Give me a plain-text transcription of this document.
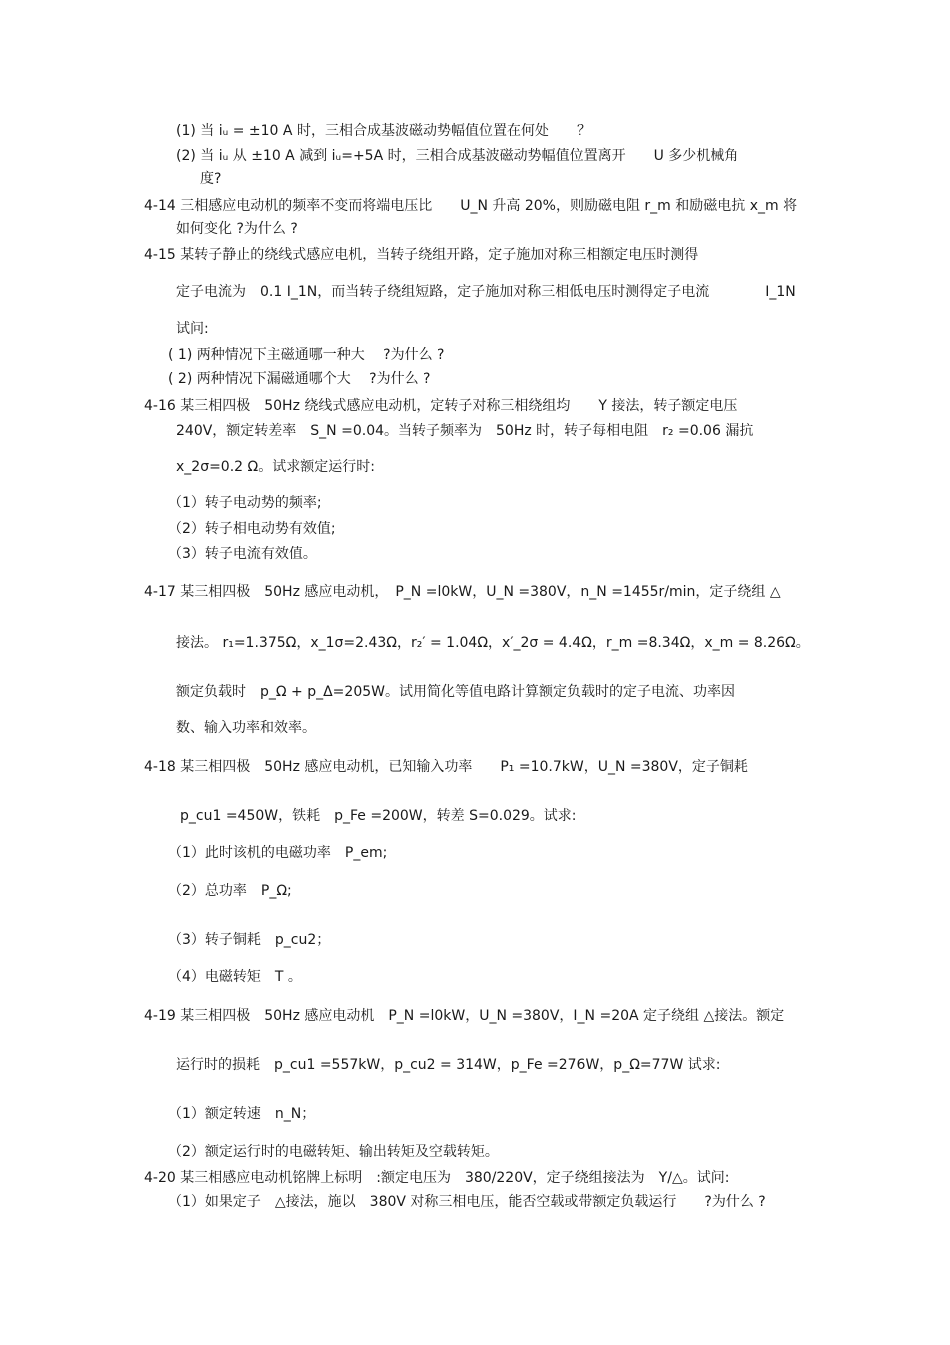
(1) 当 iᵤ = ±10 A 时，三相合成基波磁动势幅值位置在何处　　？
(2) 当 iᵤ 从 ±10 A 减到 iᵤ=+5A 时，三相合成基波磁动势幅值位置离开　　U 多少机械角
度?
4-14 三相感应电动机的频率不变而将端电压比　　U_N 升高 20%，则励磁电阻 r_m 和励磁电抗 x_m 将
如何变化 ?为什么 ?
4-15 某转子静止的绕线式感应电机，当转子绕组开路，定子施加对称三相额定电压时测得
定子电流为　0.1 I_1N，而当转子绕组短路，定子施加对称三相低电压时测得定子电流　　　　I_1N
试问:
( 1) 两种情况下主磁通哪一种大　 ?为什么 ?
( 2) 两种情况下漏磁通哪个大　 ?为什么 ?
4-16 某三相四极　50Hz 绕线式感应电动机，定转子对称三相绕组均　　Y 接法，转子额定电压
240V，额定转差率　S_N =0.04。当转子频率为　50Hz 时，转子每相电阻　r₂ =0.06 漏抗
x_2σ=0.2 Ω。试求额定运行时:
（1）转子电动势的频率;
（2）转子相电动势有效值;
（3）转子电流有效值。
4-17 某三相四极　50Hz 感应电动机，　P_N =l0kW，U_N =380V，n_N =1455r/min，定子绕组 △
接法。 r₁=1.375Ω，x_1σ=2.43Ω，r₂′ = 1.04Ω，x′_2σ = 4.4Ω，r_m =8.34Ω，x_m = 8.26Ω。
额定负载时　p_Ω + p_Δ=205W。试用简化等值电路计算额定负载时的定子电流、功率因
数、输入功率和效率。
4-18 某三相四极　50Hz 感应电动机，已知输入功率　　P₁ =10.7kW，U_N =380V，定子铜耗
p_cu1 =450W，铁耗　p_Fe =200W，转差 S=0.029。试求:
（1）此时该机的电磁功率　P_em;
（2）总功率　P_Ω;
（3）转子铜耗　p_cu2；
（4）电磁转矩　T 。
4-19 某三相四极　50Hz 感应电动机　P_N =l0kW，U_N =380V，I_N =20A 定子绕组 △接法。额定
运行时的损耗　p_cu1 =557kW，p_cu2 = 314W，p_Fe =276W，p_Ω=77W 试求:
（1）额定转速　n_N；
（2）额定运行时的电磁转矩、输出转矩及空载转矩。
4-20 某三相感应电动机铭牌上标明　:额定电压为　380/220V，定子绕组接法为　Y/△。试问:
（1）如果定子　△接法，施以　380V 对称三相电压，能否空载或带额定负载运行　　?为什么 ?
